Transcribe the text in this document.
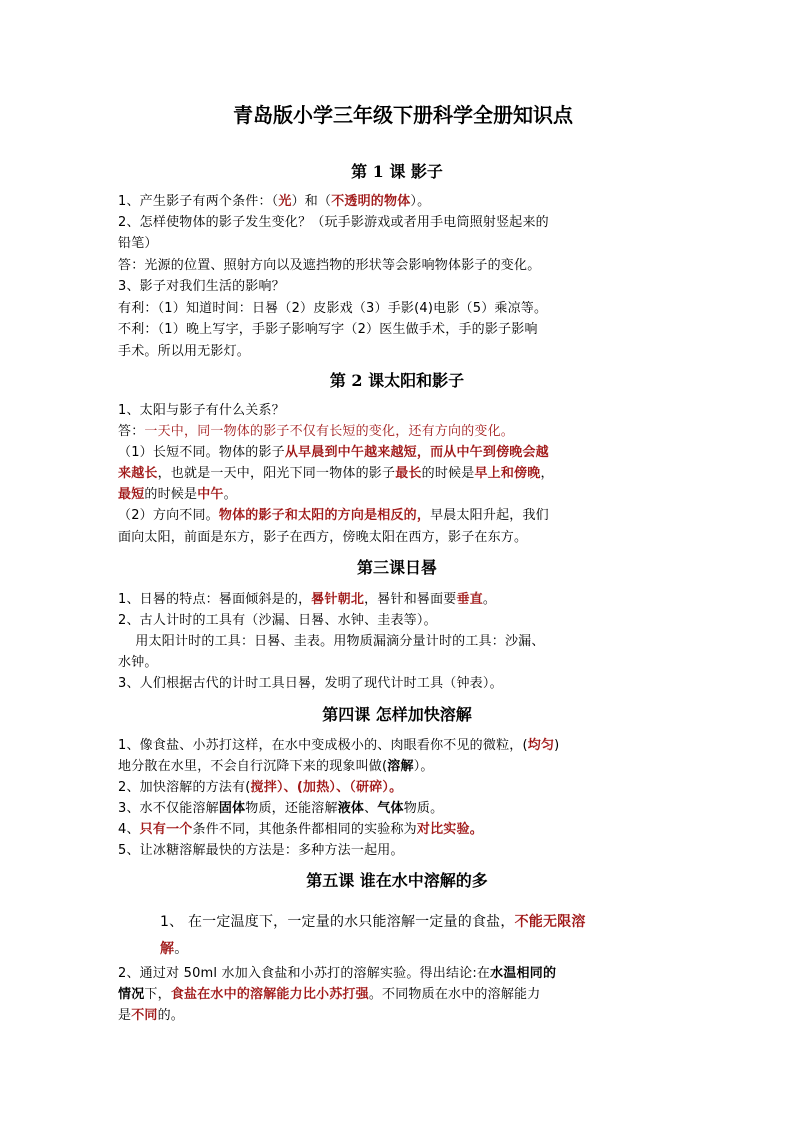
青岛版小学三年级下册科学全册知识点
第 1 课 影子
1、产生影子有两个条件：（光）和（不透明的物体）。
2、怎样使物体的影子发生变化？（玩手影游戏或者用手电筒照射竖起来的
铅笔）
答：光源的位置、照射方向以及遮挡物的形状等会影响物体影子的变化。
3、影子对我们生活的影响？
有利：（1）知道时间：日晷（2）皮影戏（3）手影(4)电影（5）乘凉等。
不利：（1）晚上写字，手影子影响写字（2）医生做手术，手的影子影响
手术。所以用无影灯。
第 2 课太阳和影子
1、太阳与影子有什么关系？
答：一天中，同一物体的影子不仅有长短的变化，还有方向的变化。
（1）长短不同。物体的影子从早晨到中午越来越短，而从中午到傍晚会越
来越长，也就是一天中，阳光下同一物体的影子最长的时候是早上和傍晚，
最短的时候是中午。
（2）方向不同。物体的影子和太阳的方向是相反的，早晨太阳升起，我们
面向太阳，前面是东方，影子在西方，傍晚太阳在西方，影子在东方。
第三课日晷
1、日晷的特点：晷面倾斜是的，晷针朝北，晷针和晷面要垂直。
2、古人计时的工具有（沙漏、日晷、水钟、圭表等）。
用太阳计时的工具：日晷、圭表。用物质漏滴分量计时的工具：沙漏、
水钟。
3、人们根据古代的计时工具日晷，发明了现代计时工具（钟表）。
第四课 怎样加快溶解
1、像食盐、小苏打这样，在水中变成极小的、肉眼看你不见的微粒，(均匀)
地分散在水里，不会自行沉降下来的现象叫做(溶解）。
2、加快溶解的方法有(搅拌）、(加热）、（研碎）。
3、水不仅能溶解固体物质，还能溶解液体、气体物质。
4、只有一个条件不同，其他条件都相同的实验称为对比实验。
5、让冰糖溶解最快的方法是：多种方法一起用。
第五课 谁在水中溶解的多
1、 在一定温度下，一定量的水只能溶解一定量的食盐，不能无限溶
解。
2、通过对 50ml 水加入食盐和小苏打的溶解实验。得出结论:在水温相同的
情况下，食盐在水中的溶解能力比小苏打强。不同物质在水中的溶解能力
是不同的。
